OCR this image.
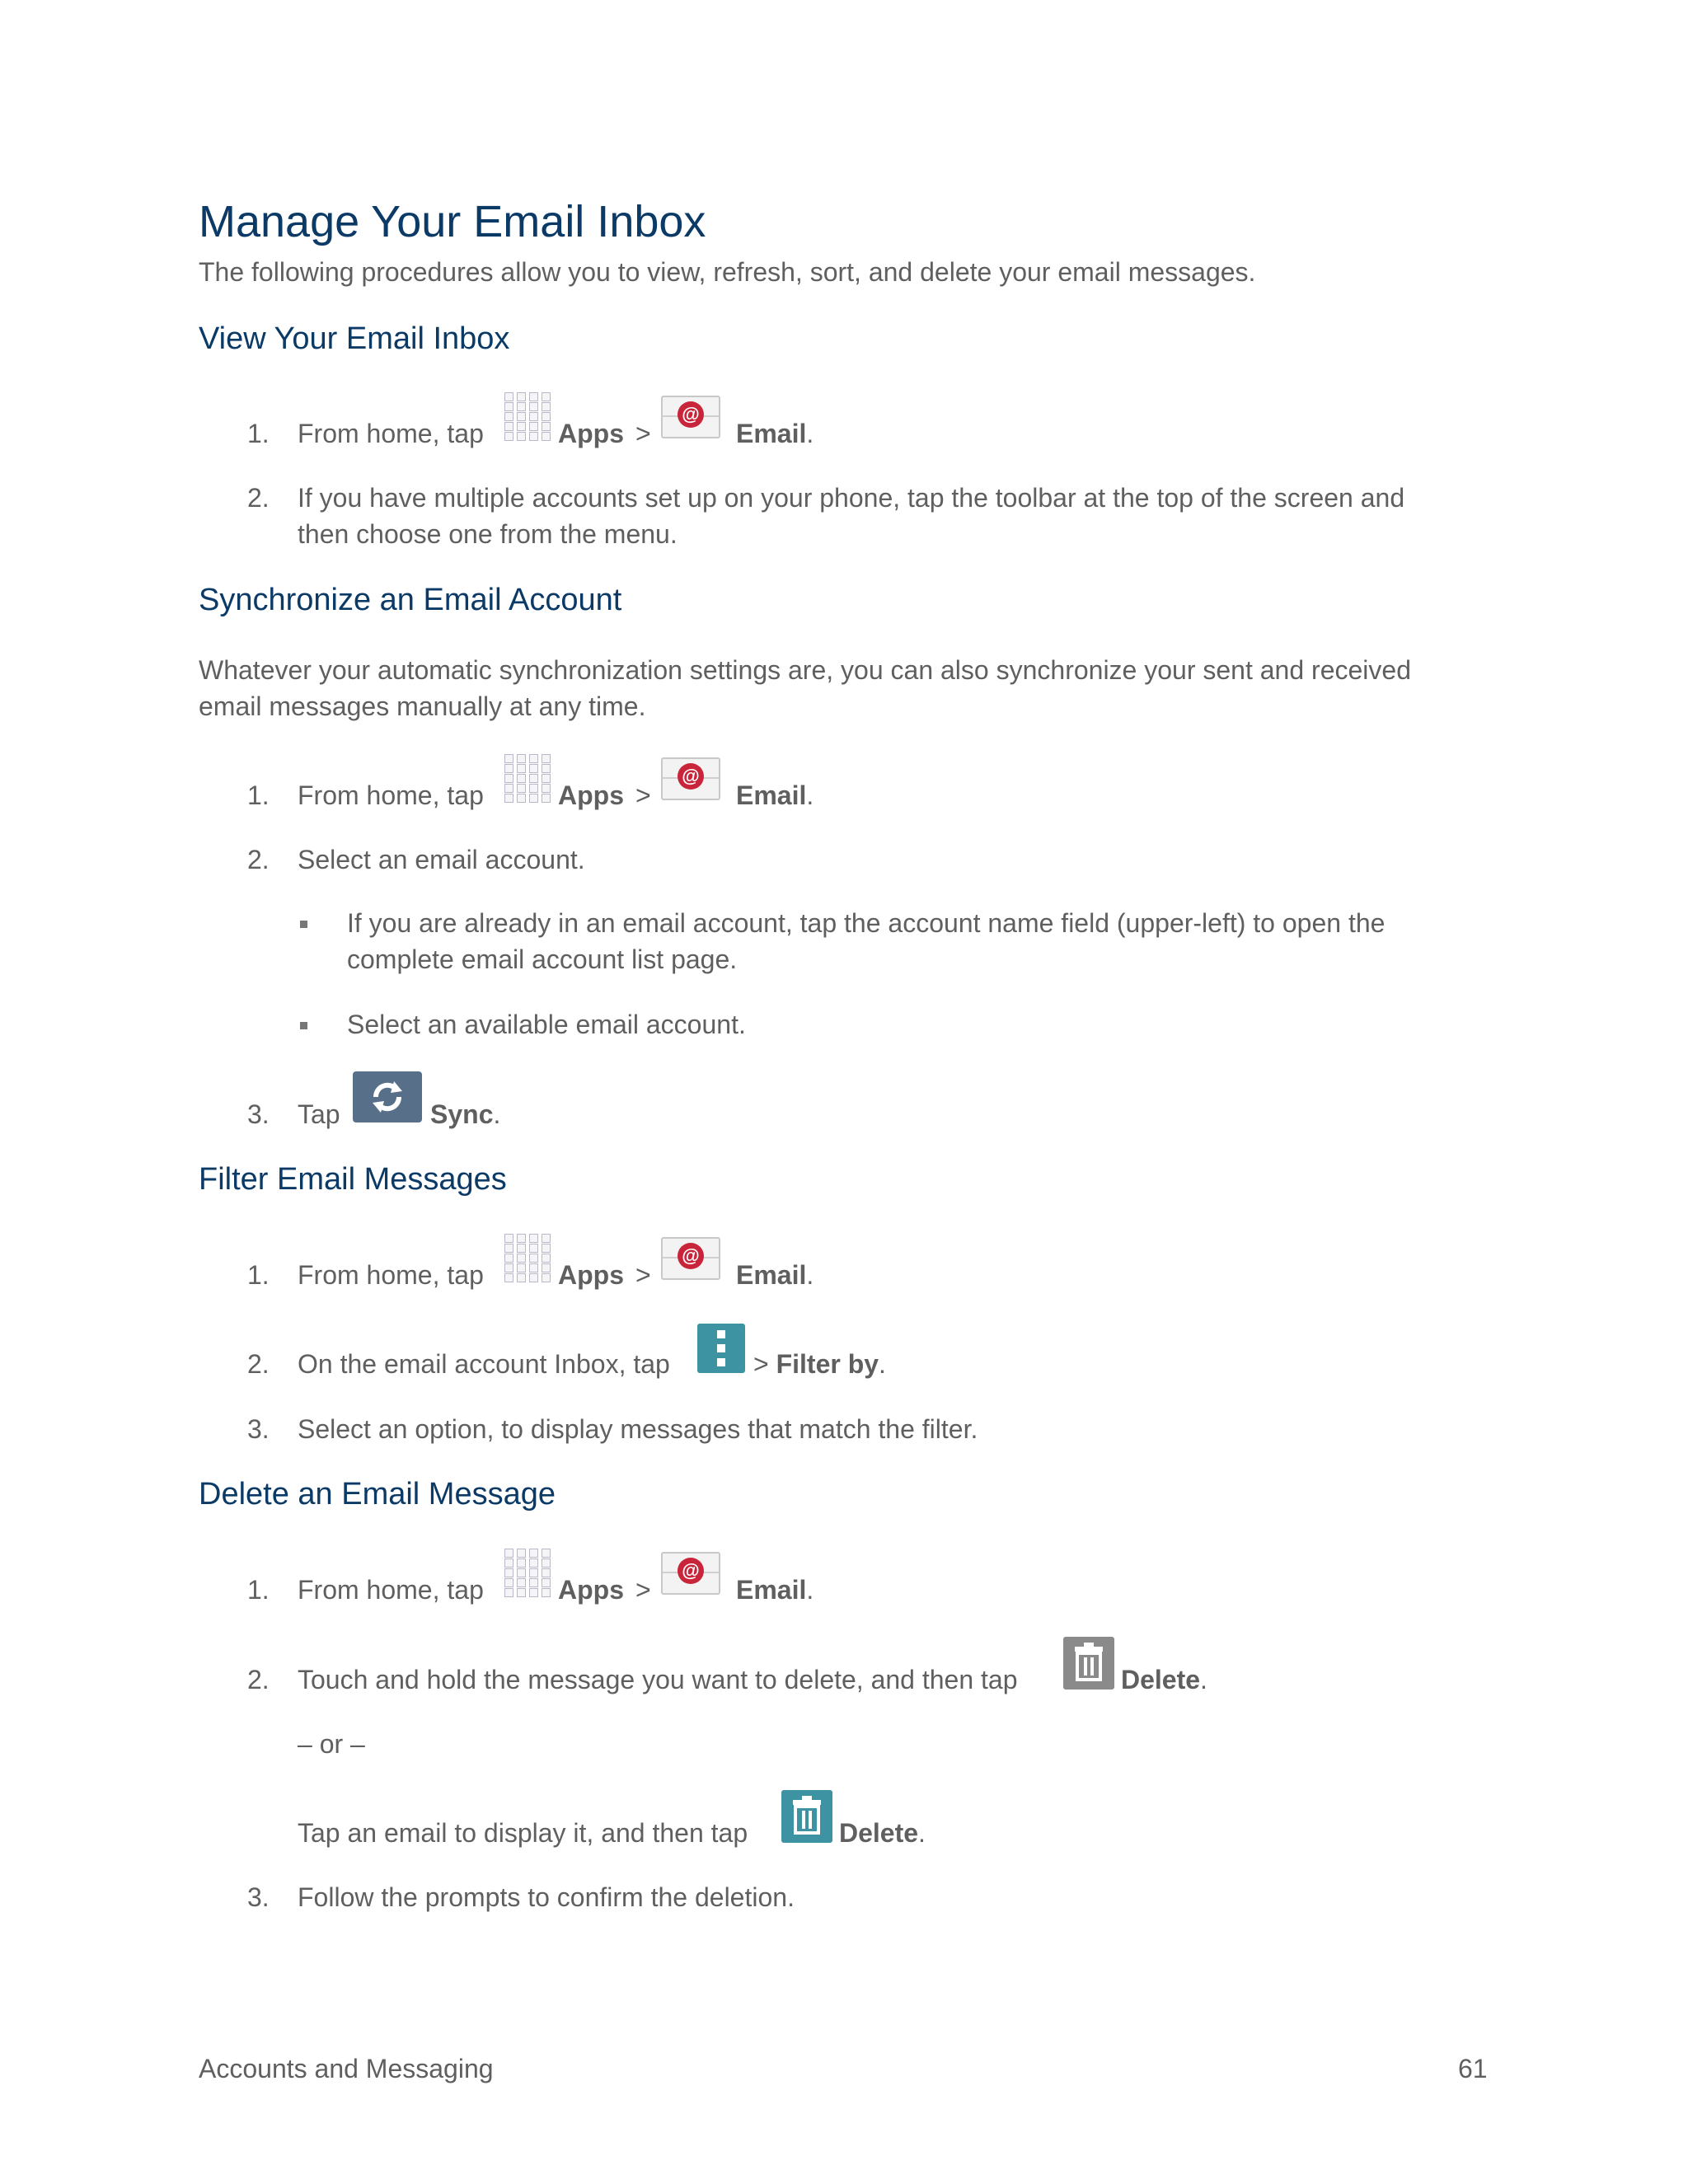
Manage Your Email Inbox
The following procedures allow you to view, refresh, sort, and delete your email messages.
View Your Email Inbox
1.	From home, tap	Apps >
@
Email.
2.	If you have multiple accounts set up on your phone, tap the toolbar at the top of the screen and
then choose one from the menu.
Synchronize an Email Account
Whatever your automatic synchronization settings are, you can also synchronize your sent and received
email messages manually at any time.
1.	From home, tap	Apps >
@
Email.
2.	Select an email account.
If you are already in an email account, tap the account name field (upper-left) to open the
complete email account list page.
Select an available email account.
3.	Tap	Sync.
Filter Email Messages
1.	From home, tap	Apps >
@
Email.
2.	On the email account Inbox, tap	> Filter by.
3.	Select an option, to display messages that match the filter.
Delete an Email Message
1.	From home, tap	Apps >
@
Email.
2.	Touch and hold the message you want to delete, and then tap	Delete.
– or –
Tap an email to display it, and then tap	Delete.
3.	Follow the prompts to confirm the deletion.
Accounts and Messaging	61
